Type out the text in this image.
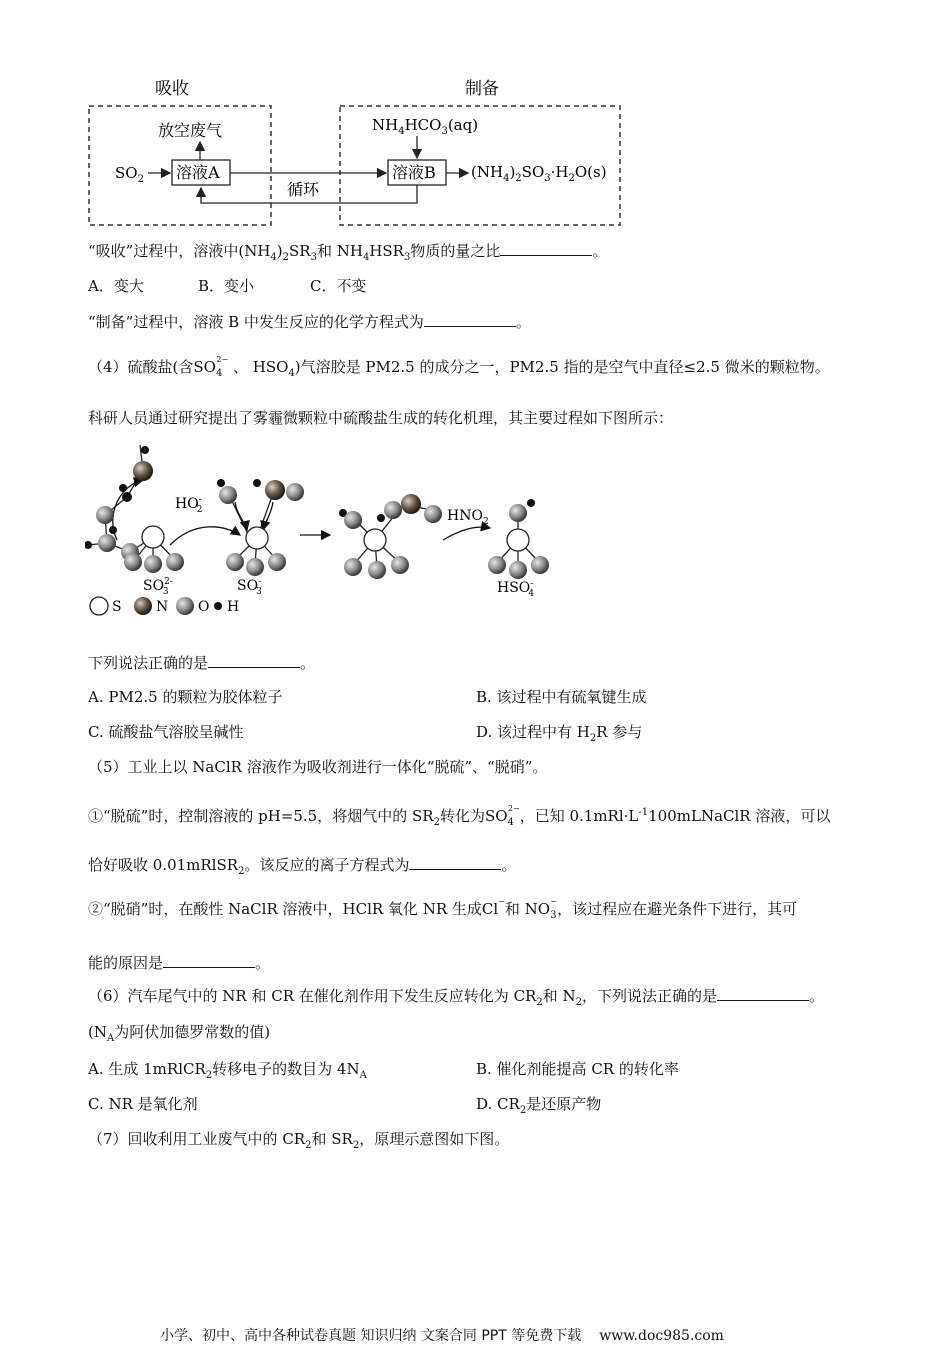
吸收	制备
放空废气
$SO_2$ 溶液A
循环
$NH_4HCO_3(aq)$
溶液B $(NH_4)_2SO_3\cdot H_2O(s)$
“吸收”过程中，溶液中$(NH_4)_2SR_3$和 $NH_4HSR_3$物质的量之比	。
A．变大	B．变小	C．不变
“制备”过程中，溶液 B 中发生反应的化学方程式为	。
（4）硫酸盐(含$SO_4^{2-}$ 、 $HSO_4$)气溶胶是 PM2.5 的成分之一，PM2.5 指的是空气中直径≤2.5 微米的颗粒物。
科研人员通过研究提出了雾霾微颗粒中硫酸盐生成的转化机理，其主要过程如下图所示：
HO-2
$SO^{2-}3$	SO-3
$HNO_2$
HSO-4
S N O H
下列说法正确的是	。
A. PM2.5 的颗粒为胶体粒子	B. 该过程中有硫氧键生成
C. 硫酸盐气溶胶呈碱性	D. 该过程中有 $H_2R$ 参与
（5）工业上以 NaClR 溶液作为吸收剂进行一体化“脱硫”、“脱硝”。
①“脱硫”时，控制溶液的 pH=5.5，将烟气中的 $SR_2$转化为$SO_4^{2-}$，已知 $0.1mRl\cdot L^{-1}100mLNaClR$ 溶液，可以
恰好吸收 0.01mRlSR$_2$。该反应的离子方程式为	。
②“脱硝”时，在酸性 NaClR 溶液中，HClR 氧化 NR 生成Cl−和 $NO_3^-$，该过程应在避光条件下进行，其可
能的原因是	。
（6）汽车尾气中的 NR 和 CR 在催化剂作用下发生反应转化为 $CR_2$和 $N_2$，下列说法正确的是	。
($N_A$为阿伏加德罗常数的值)
A. 生成 1mRlCR$_2$转移电子的数目为 $4N_A$	B. 催化剂能提高 CR 的转化率
C. NR 是氧化剂	D. $CR_2$是还原产物
（7）回收利用工业废气中的 $CR_2$和 $SR_2$，原理示意图如下图。
小学、初中、高中各种试卷真题 知识归纳 文案合同 PPT 等免费下载 www.doc985.com
